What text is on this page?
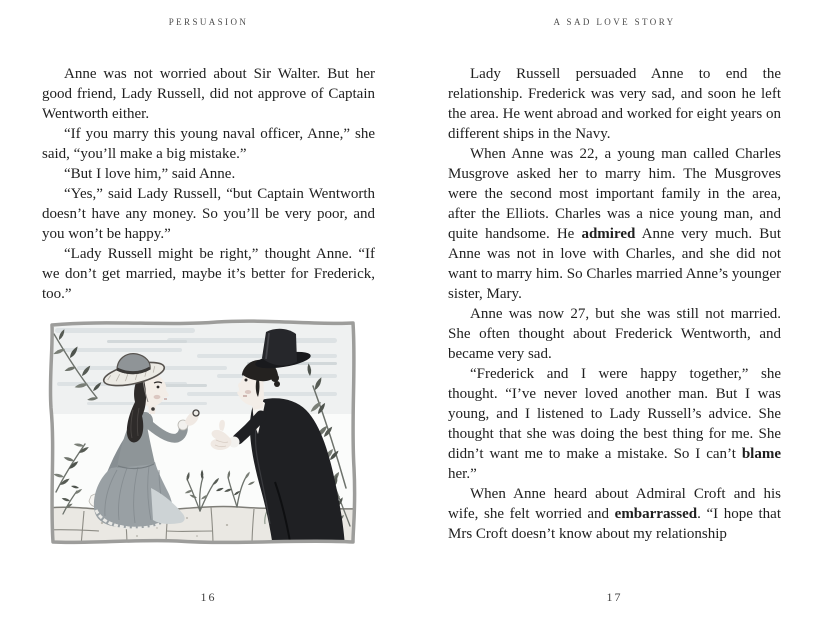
PERSUASION

Anne was not worried about Sir Walter. But her good friend, Lady Russell, did not approve of Captain Wentworth either.

“If you marry this young naval officer, Anne,” she said, “you’ll make a big mistake.”

“But I love him,” said Anne.

“Yes,” said Lady Russell, “but Captain Wentworth doesn’t have any money. So you’ll be very poor, and you won’t be happy.”

“Lady Russell might be right,” thought Anne. “If we don’t get married, maybe it’s better for Frederick, too.”

16
A SAD LOVE STORY

Lady Russell persuaded Anne to end the relationship. Frederick was very sad, and soon he left the area. He went abroad and worked for eight years on different ships in the Navy.

When Anne was 22, a young man called Charles Musgrove asked her to marry him. The Musgroves were the second most important family in the area, after the Elliots. Charles was a nice young man, and quite handsome. He admired Anne very much. But Anne was not in love with Charles, and she did not want to marry him. So Charles married Anne’s younger sister, Mary.

Anne was now 27, but she was still not married. She often thought about Frederick Wentworth, and became very sad.

“Frederick and I were happy together,” she thought. “I’ve never loved another man. But I was young, and I listened to Lady Russell’s advice. She thought that she was doing the best thing for me. She didn’t want me to make a mistake. So I can’t blame her.”

When Anne heard about Admiral Croft and his wife, she felt worried and embarrassed. “I hope that Mrs Croft doesn’t know about my relationship

17
